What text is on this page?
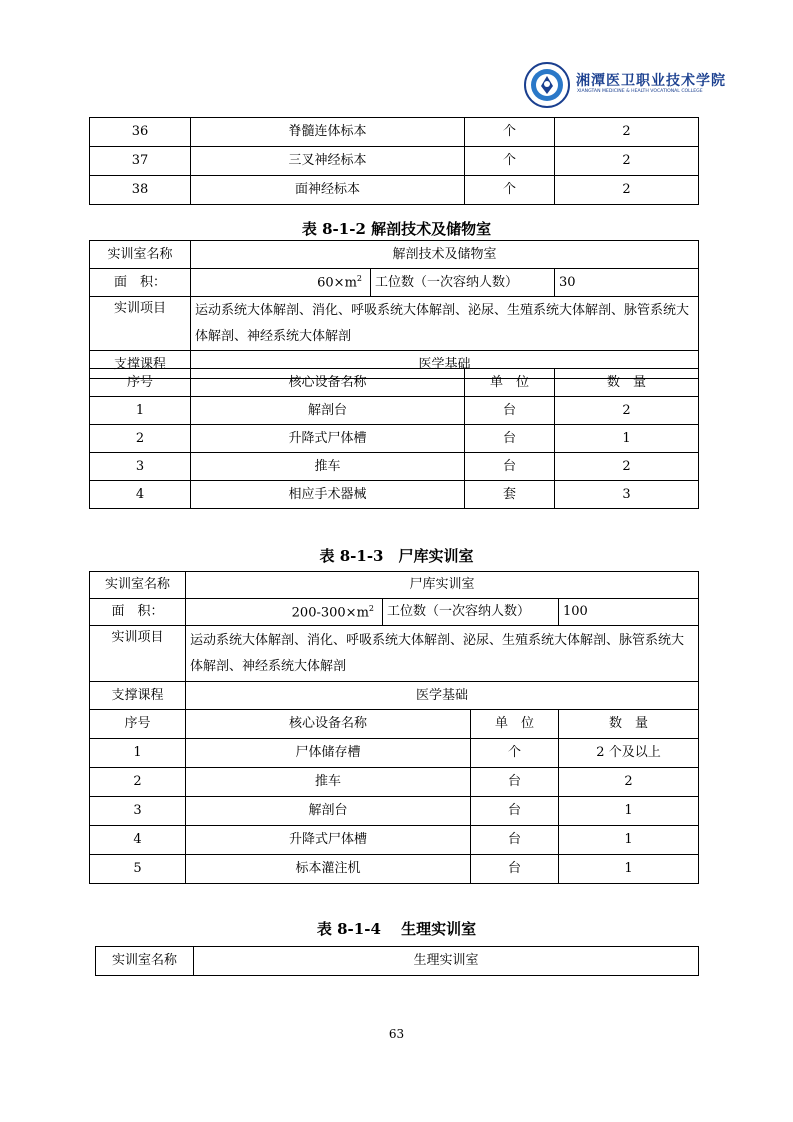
湘潭医卫职业技术学院
XIANGTAN MEDICINE & HEALTH VOCATIONAL COLLEGE
36	脊髓连体标本	个	2
37	三叉神经标本	个	2
38	面神经标本	个	2
表 8-1-2 解剖技术及储物室
实训室名称	解剖技术及储物室		
面　积：	$60\times m^2$	工位数（一次容纳人数）	30
实训项目	运动系统大体解剖、消化、呼吸系统大体解剖、泌尿、生殖系统大体解剖、脉管系统大体解剖、神经系统大体解剖		
支撑课程	医学基础		
序号	核心设备名称	单　位	数　量
1	解剖台	台	2
2	升降式尸体槽	台	1
3	推车	台	2
4	相应手术器械	套	3
表 8-1-3　尸库实训室
实训室名称	尸库实训室		
面　积：	$200-300\times m^2$	工位数（一次容纳人数）	100
实训项目	运动系统大体解剖、消化、呼吸系统大体解剖、泌尿、生殖系统大体解剖、脉管系统大体解剖、神经系统大体解剖		
支撑课程	医学基础		
序号	核心设备名称	单　位	数　量
1	尸体储存槽	个	2 个及以上
2	推车	台	2
3	解剖台	台	1
4	升降式尸体槽	台	1
5	标本灌注机	台	1
表 8-1-4　 生理实训室
实训室名称	生理实训室
63
